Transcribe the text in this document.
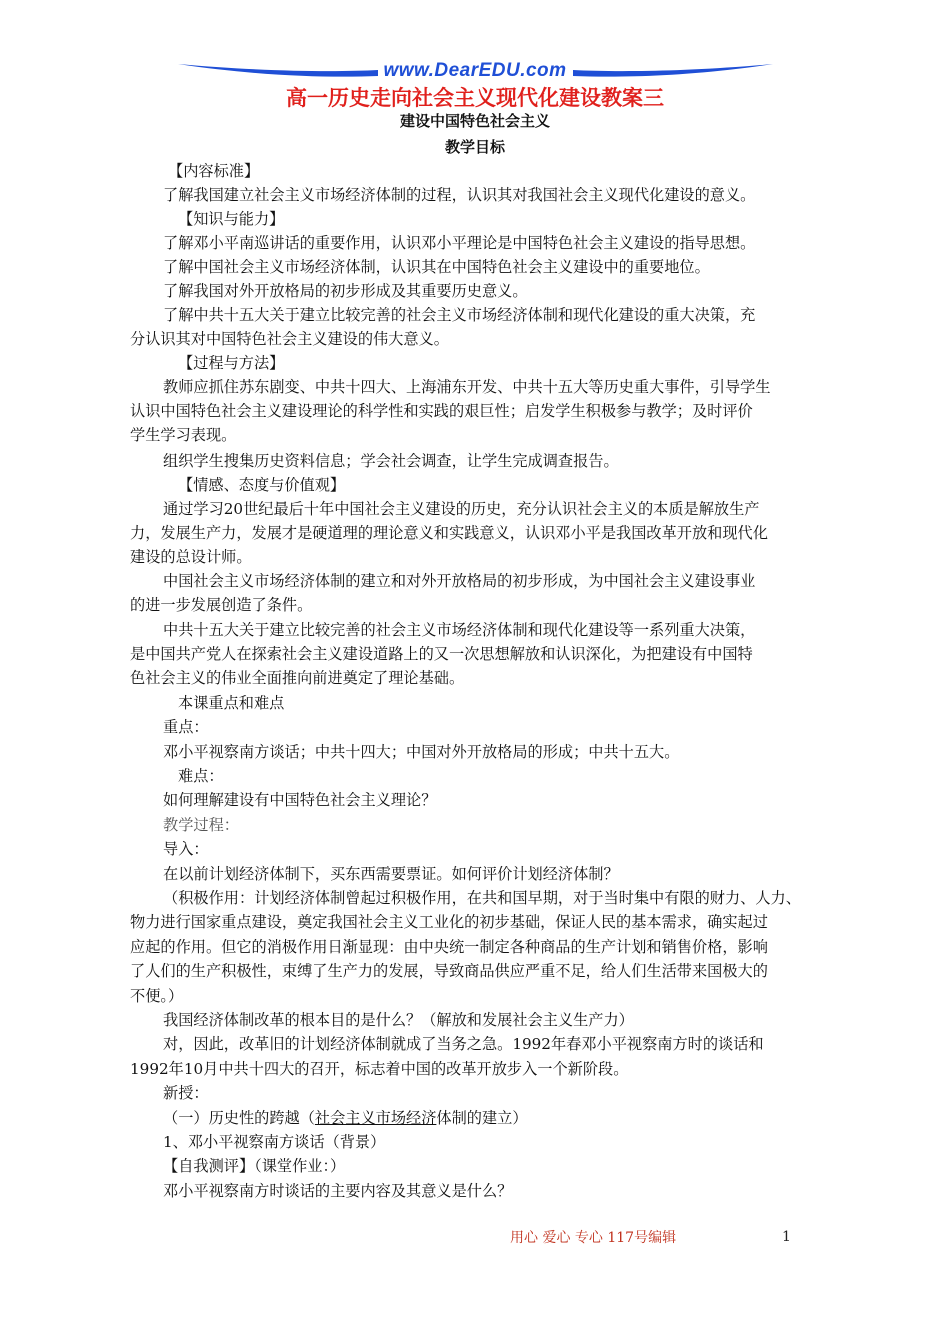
www.DearEDU.com
高一历史走向社会主义现代化建设教案三
建设中国特色社会主义
教学目标
【内容标准】
了解我国建立社会主义市场经济体制的过程，认识其对我国社会主义现代化建设的意义。
【知识与能力】
了解邓小平南巡讲话的重要作用，认识邓小平理论是中国特色社会主义建设的指导思想。
了解中国社会主义市场经济体制，认识其在中国特色社会主义建设中的重要地位。
了解我国对外开放格局的初步形成及其重要历史意义。
了解中共十五大关于建立比较完善的社会主义市场经济体制和现代化建设的重大决策，充
分认识其对中国特色社会主义建设的伟大意义。
【过程与方法】
教师应抓住苏东剧变、中共十四大、上海浦东开发、中共十五大等历史重大事件，引导学生
认识中国特色社会主义建设理论的科学性和实践的艰巨性；启发学生积极参与教学；及时评价
学生学习表现。
组织学生搜集历史资料信息；学会社会调查，让学生完成调查报告。
【情感、态度与价值观】
通过学习20世纪最后十年中国社会主义建设的历史，充分认识社会主义的本质是解放生产
力，发展生产力，发展才是硬道理的理论意义和实践意义，认识邓小平是我国改革开放和现代化
建设的总设计师。
中国社会主义市场经济体制的建立和对外开放格局的初步形成，为中国社会主义建设事业
的进一步发展创造了条件。
中共十五大关于建立比较完善的社会主义市场经济体制和现代化建设等一系列重大决策，
是中国共产党人在探索社会主义建设道路上的又一次思想解放和认识深化，为把建设有中国特
色社会主义的伟业全面推向前进奠定了理论基础。
本课重点和难点
重点：
邓小平视察南方谈话；中共十四大；中国对外开放格局的形成；中共十五大。
难点：
如何理解建设有中国特色社会主义理论？
教学过程：
导入：
在以前计划经济体制下，买东西需要票证。如何评价计划经济体制？
（积极作用：计划经济体制曾起过积极作用，在共和国早期，对于当时集中有限的财力、人力、
物力进行国家重点建设，奠定我国社会主义工业化的初步基础，保证人民的基本需求，确实起过
应起的作用。但它的消极作用日渐显现：由中央统一制定各种商品的生产计划和销售价格，影响
了人们的生产积极性，束缚了生产力的发展，导致商品供应严重不足，给人们生活带来国极大的
不便。）
我国经济体制改革的根本目的是什么？（解放和发展社会主义生产力）
对，因此，改革旧的计划经济体制就成了当务之急。1992年春邓小平视察南方时的谈话和
1992年10月中共十四大的召开，标志着中国的改革开放步入一个新阶段。
新授：
（一）历史性的跨越（社会主义市场经济体制的建立）
1、邓小平视察南方谈话（背景）
【自我测评】（课堂作业：）
邓小平视察南方时谈话的主要内容及其意义是什么？
用心 爱心 专心 117号编辑	1
